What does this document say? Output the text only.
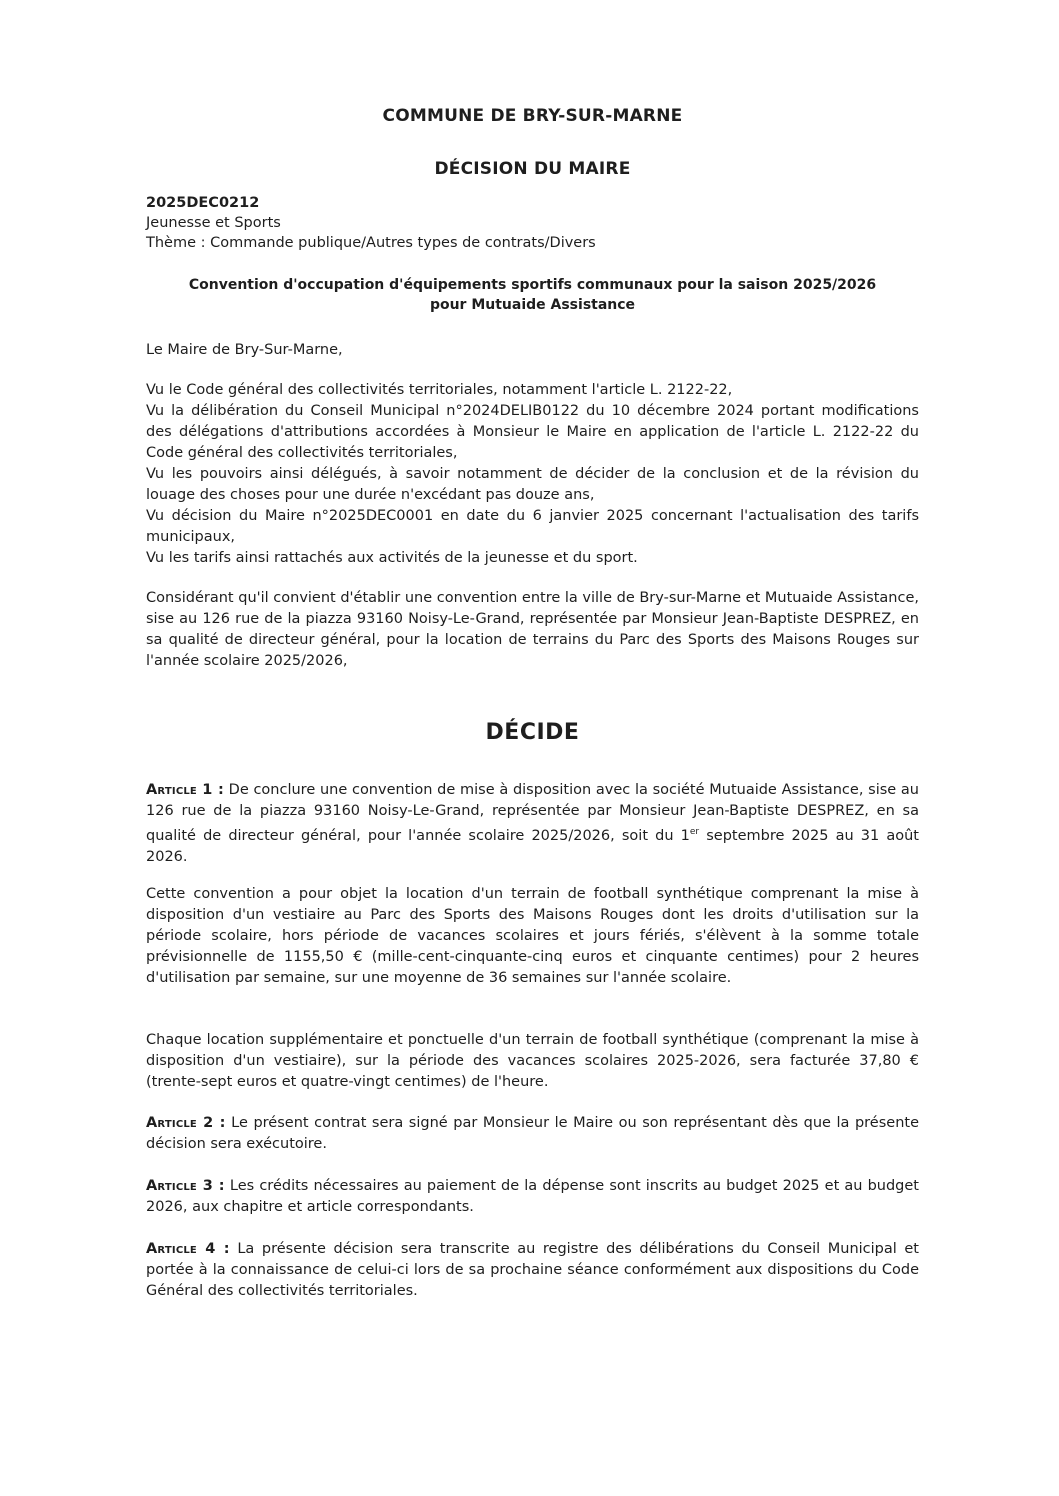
COMMUNE DE BRY-SUR-MARNE
DÉCISION DU MAIRE
2025DEC0212
Jeunesse et Sports
Thème : Commande publique/Autres types de contrats/Divers
Convention d'occupation d'équipements sportifs communaux pour la saison 2025/2026
pour Mutuaide Assistance

Le Maire de Bry-Sur-Marne,

Vu le Code général des collectivités territoriales, notamment l'article L. 2122-22,

Vu la délibération du Conseil Municipal n°2024DELIB0122 du 10 décembre 2024 portant modifications des délégations d'attributions accordées à Monsieur le Maire en application de l'article L. 2122-22 du Code général des collectivités territoriales,

Vu les pouvoirs ainsi délégués, à savoir notamment de décider de la conclusion et de la révision du louage des choses pour une durée n'excédant pas douze ans,

Vu décision du Maire n°2025DEC0001 en date du 6 janvier 2025 concernant l'actualisation des tarifs municipaux,

Vu les tarifs ainsi rattachés aux activités de la jeunesse et du sport.

Considérant qu'il convient d'établir une convention entre la ville de Bry-sur-Marne et Mutuaide Assistance, sise au 126 rue de la piazza 93160 Noisy-Le-Grand, représentée par Monsieur Jean-Baptiste DESPREZ, en sa qualité de directeur général, pour la location de terrains du Parc des Sports des Maisons Rouges sur l'année scolaire 2025/2026,

DÉCIDE

Article 1 : De conclure une convention de mise à disposition avec la société Mutuaide Assistance, sise au 126 rue de la piazza 93160 Noisy-Le-Grand, représentée par Monsieur Jean-Baptiste DESPREZ, en sa qualité de directeur général, pour l'année scolaire 2025/2026, soit du 1er septembre 2025 au 31 août 2026.

Cette convention a pour objet la location d'un terrain de football synthétique comprenant la mise à disposition d'un vestiaire au Parc des Sports des Maisons Rouges dont les droits d'utilisation sur la période scolaire, hors période de vacances scolaires et jours fériés, s'élèvent à la somme totale prévisionnelle de 1155,50 € (mille-cent-cinquante-cinq euros et cinquante centimes) pour 2 heures d'utilisation par semaine, sur une moyenne de 36 semaines sur l'année scolaire.

Chaque location supplémentaire et ponctuelle d'un terrain de football synthétique (comprenant la mise à disposition d'un vestiaire), sur la période des vacances scolaires 2025-2026, sera facturée 37,80 € (trente-sept euros et quatre-vingt centimes) de l'heure.

Article 2 : Le présent contrat sera signé par Monsieur le Maire ou son représentant dès que la présente décision sera exécutoire.

Article 3 : Les crédits nécessaires au paiement de la dépense sont inscrits au budget 2025 et au budget 2026, aux chapitre et article correspondants.

Article 4 : La présente décision sera transcrite au registre des délibérations du Conseil Municipal et portée à la connaissance de celui-ci lors de sa prochaine séance conformément aux dispositions du Code Général des collectivités territoriales.
